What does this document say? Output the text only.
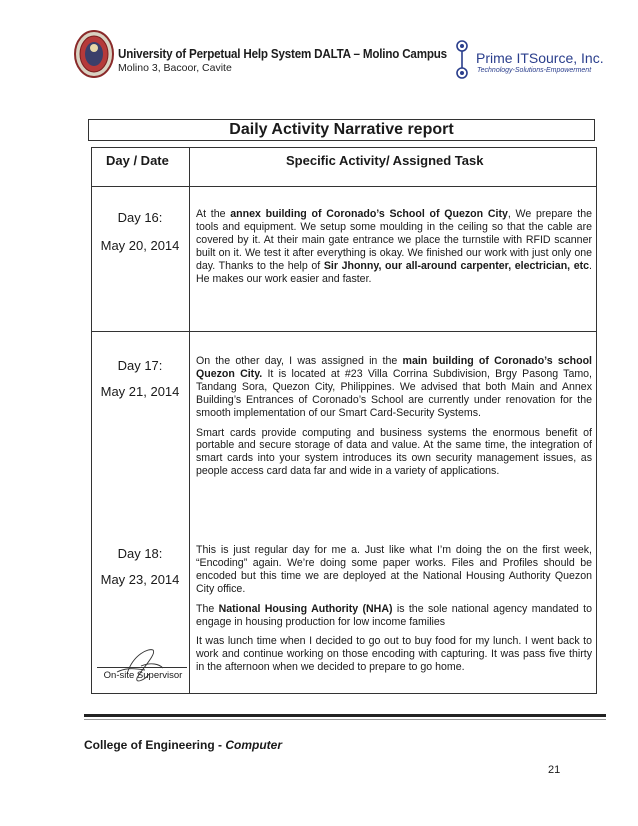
University of Perpetual Help System DALTA – Molino Campus
Molino 3, Bacoor, Cavite
Prime ITSource, Inc.
Technology-Solutions-Empowerment
Daily Activity Narrative report
Day / Date	Specific Activity/ Assigned Task
Day 16:
May 20, 2014

At the annex building of Coronado’s School of Quezon City, We prepare the tools and equipment. We setup some moulding in the ceiling so that the cable are covered by it. At their main gate entrance we place the turnstile with RFID scanner built on it. We test it after everything is okay. We finished our work with just only one day. Thanks to the help of Sir Jhonny, our all-around carpenter, electrician, etc. He makes our work easier and faster.

Day 17:
May 21, 2014

On the other day, I was assigned in the main building of Coronado’s school Quezon City. It is located at #23 Villa Corrina Subdivision, Brgy Pasong Tamo, Tandang Sora, Quezon City, Philippines. We advised that both Main and Annex Building’s Entrances of Coronado’s School are currently under renovation for the smooth implementation of our Smart Card-Security Systems.

Smart cards provide computing and business systems the enormous benefit of portable and secure storage of data and value. At the same time, the integration of smart cards into your system introduces its own security management issues, as people access card data far and wide in a variety of applications.

Day 18:
May 23, 2014

This is just regular day for me a. Just like what I’m doing the on the first week, “Encoding” again. We’re doing some paper works. Files and Profiles should be encoded but this time we are deployed at the National Housing Authority Quezon City office.

The National Housing Authority (NHA) is the sole national agency mandated to engage in housing production for low income families

It was lunch time when I decided to go out to buy food for my lunch. I went back to work and continue working on those encoding with capturing. It was pass five thirty in the afternoon when we decided to prepare to go home.

On-site Supervisor
College of Engineering - Computer
21
